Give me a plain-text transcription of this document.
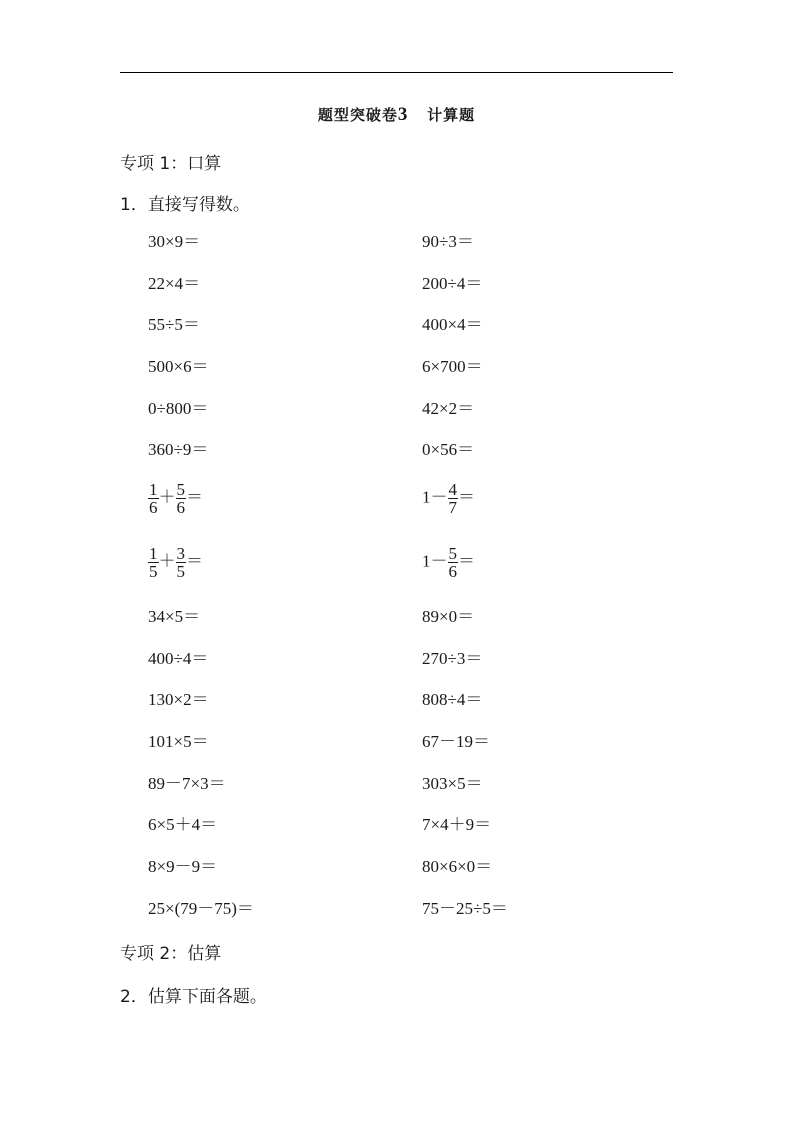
题型突破卷3 计算题
专项 1：口算
1．直接写得数。
30×9＝	90÷3＝
22×4＝	200÷4＝
55÷5＝	400×4＝
500×6＝	6×700＝
0÷800＝	42×2＝
360÷9＝	0×56＝
$\frac{1}{6} + \frac{5}{6}$ ＝	$1- \frac{4}{7}$ ＝
$\frac{1}{5} + \frac{3}{5}$ ＝	$1- \frac{5}{6}$ ＝
34×5＝	89×0＝
400÷4＝	270÷3＝
130×2＝	808÷4＝
101×5＝	67－19＝
89－7×3＝	303×5＝
6×5＋4＝	7×4＋9＝
8×9－9＝	80×6×0＝
25×(79－75)＝	75－25÷5＝
专项 2：估算
2．估算下面各题。
